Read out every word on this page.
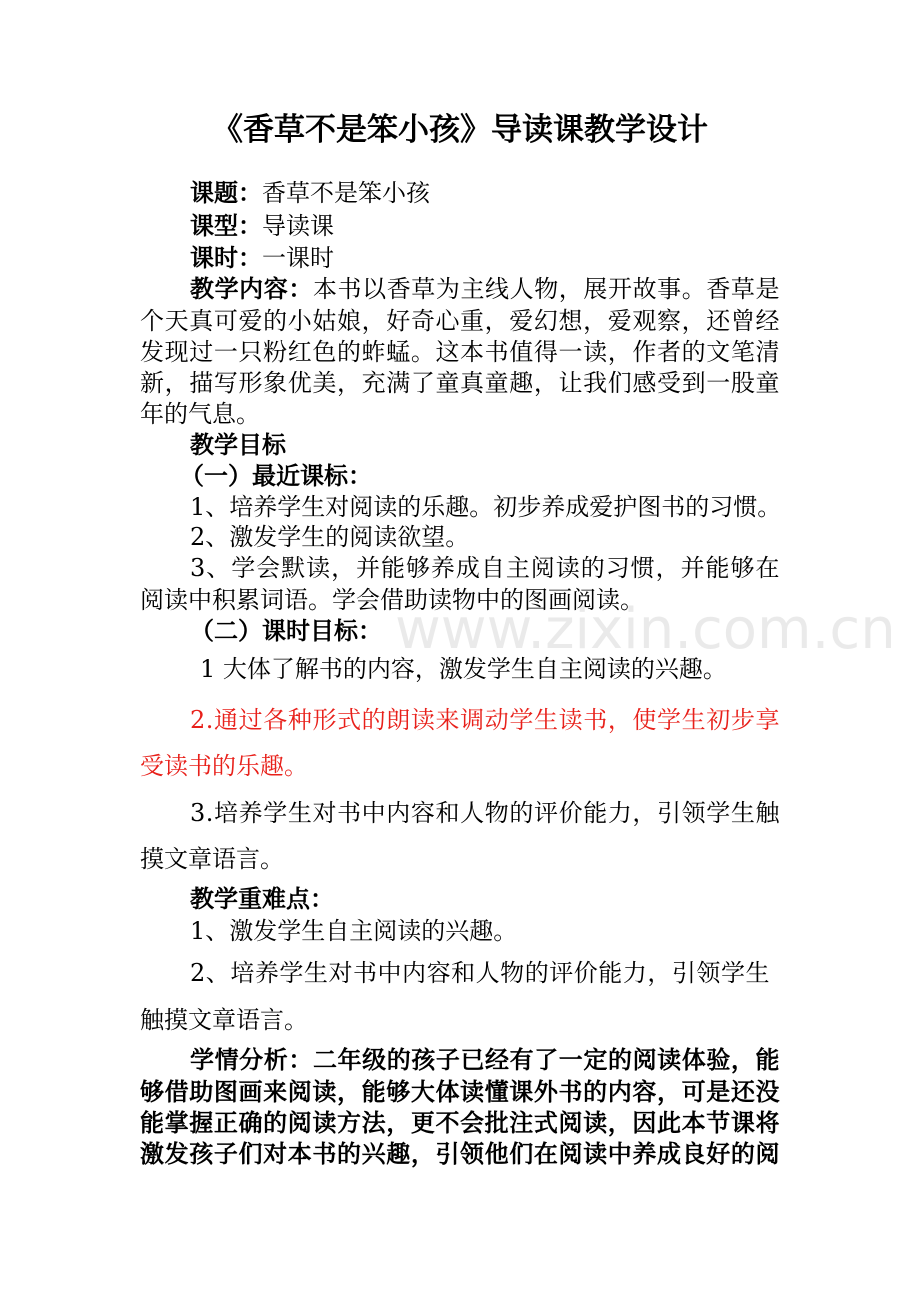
《香草不是笨小孩》导读课教学设计
www.zixin.com.cn
课题：香草不是笨小孩
课型：导读课
课时：一课时
教学内容：本书以香草为主线人物，展开故事。香草是
个天真可爱的小姑娘，好奇心重，爱幻想，爱观察，还曾经
发现过一只粉红色的蚱蜢。这本书值得一读，作者的文笔清
新，描写形象优美，充满了童真童趣，让我们感受到一股童
年的气息。
教学目标
（一）最近课标：
1、培养学生对阅读的乐趣。初步养成爱护图书的习惯。
2、激发学生的阅读欲望。
3、学会默读，并能够养成自主阅读的习惯，并能够在
阅读中积累词语。学会借助读物中的图画阅读。
（二）课时目标：
1 大体了解书的内容，激发学生自主阅读的兴趣。
2.通过各种形式的朗读来调动学生读书，使学生初步享
受读书的乐趣。
3.培养学生对书中内容和人物的评价能力，引领学生触
摸文章语言。
教学重难点：
1、激发学生自主阅读的兴趣。
2、培养学生对书中内容和人物的评价能力，引领学生
触摸文章语言。
学情分析：二年级的孩子已经有了一定的阅读体验，能
够借助图画来阅读，能够大体读懂课外书的内容，可是还没
能掌握正确的阅读方法，更不会批注式阅读，因此本节课将
激发孩子们对本书的兴趣，引领他们在阅读中养成良好的阅
